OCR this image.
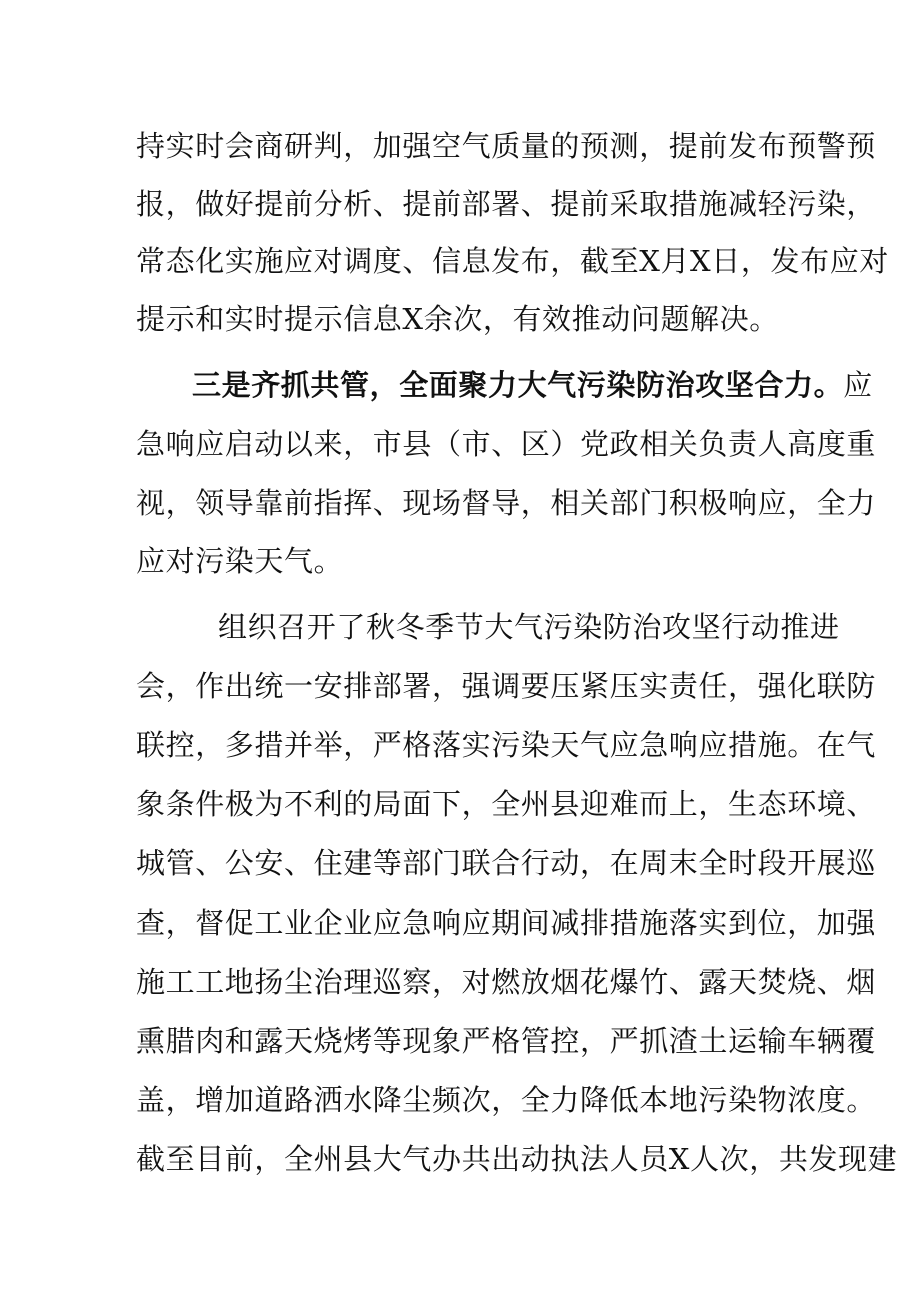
持实时会商研判，加强空气质量的预测，提前发布预警预
报，做好提前分析、提前部署、提前采取措施减轻污染，
常态化实施应对调度、信息发布，截至X月X日，发布应对
提示和实时提示信息X余次，有效推动问题解决。
三是齐抓共管，全面聚力大气污染防治攻坚合力。应
急响应启动以来，市县（市、区）党政相关负责人高度重
视，领导靠前指挥、现场督导，相关部门积极响应，全力
应对污染天气。
组织召开了秋冬季节大气污染防治攻坚行动推进
会，作出统一安排部署，强调要压紧压实责任，强化联防
联控，多措并举，严格落实污染天气应急响应措施。在气
象条件极为不利的局面下，全州县迎难而上，生态环境、
城管、公安、住建等部门联合行动，在周末全时段开展巡
查，督促工业企业应急响应期间减排措施落实到位，加强
施工工地扬尘治理巡察，对燃放烟花爆竹、露天焚烧、烟
熏腊肉和露天烧烤等现象严格管控，严抓渣土运输车辆覆
盖，增加道路洒水降尘频次，全力降低本地污染物浓度。
截至目前，全州县大气办共出动执法人员X人次，共发现建
